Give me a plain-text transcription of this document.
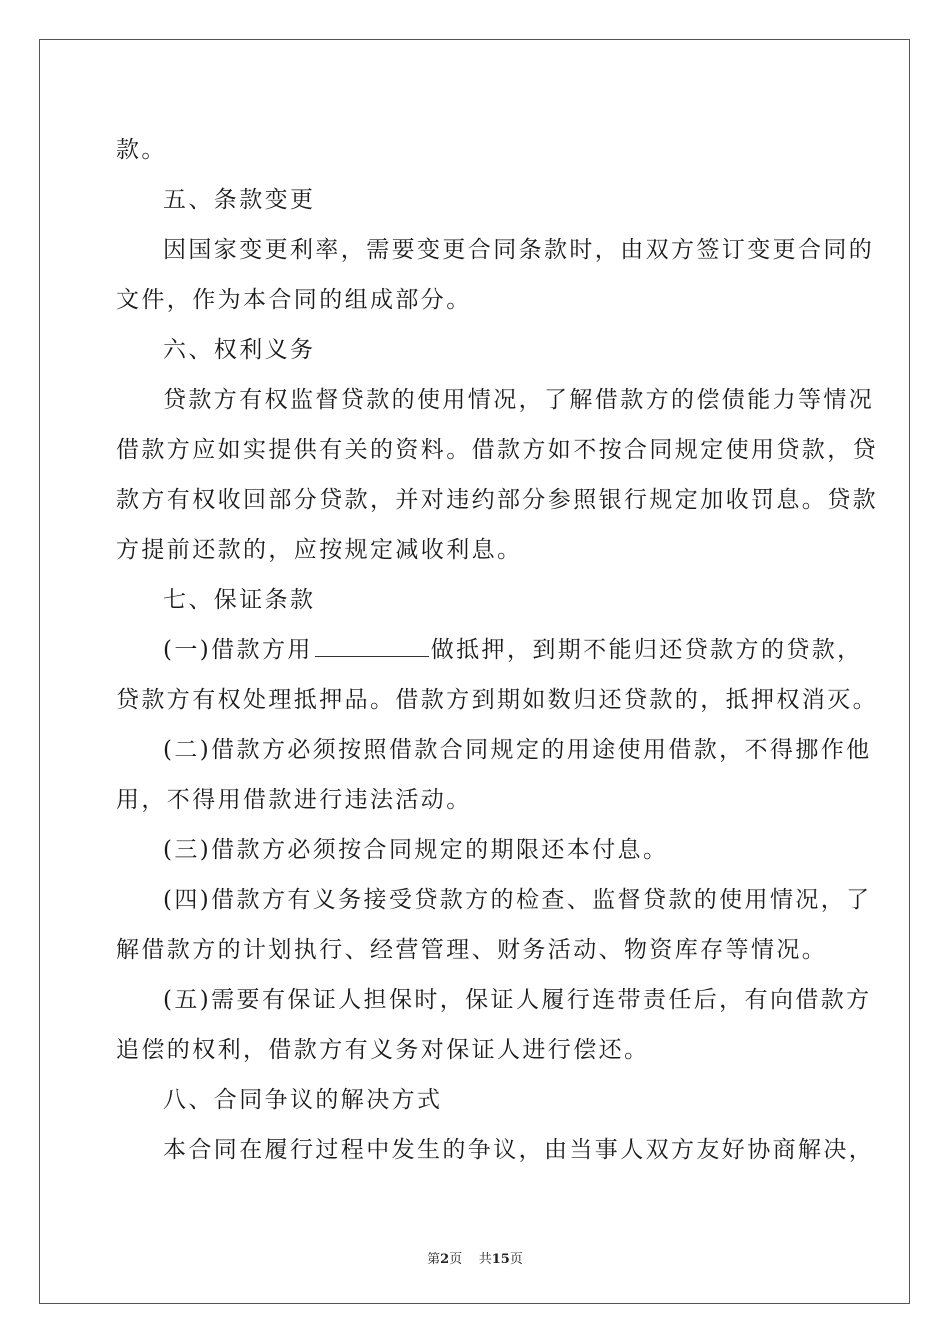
款。
五、条款变更
因国家变更利率，需要变更合同条款时，由双方签订变更合同的
文件，作为本合同的组成部分。
六、权利义务
贷款方有权监督贷款的使用情况，了解借款方的偿债能力等情况
借款方应如实提供有关的资料。借款方如不按合同规定使用贷款，贷
款方有权收回部分贷款，并对违约部分参照银行规定加收罚息。贷款
方提前还款的，应按规定减收利息。
七、保证条款
(一)借款方用	做抵押，到期不能归还贷款方的贷款，
贷款方有权处理抵押品。借款方到期如数归还贷款的，抵押权消灭。
(二)借款方必须按照借款合同规定的用途使用借款，不得挪作他
用，不得用借款进行违法活动。
(三)借款方必须按合同规定的期限还本付息。
(四)借款方有义务接受贷款方的检查、监督贷款的使用情况，了
解借款方的计划执行、经营管理、财务活动、物资库存等情况。
(五)需要有保证人担保时，保证人履行连带责任后，有向借款方
追偿的权利，借款方有义务对保证人进行偿还。
八、合同争议的解决方式
本合同在履行过程中发生的争议，由当事人双方友好协商解决，
第2页 共15页
